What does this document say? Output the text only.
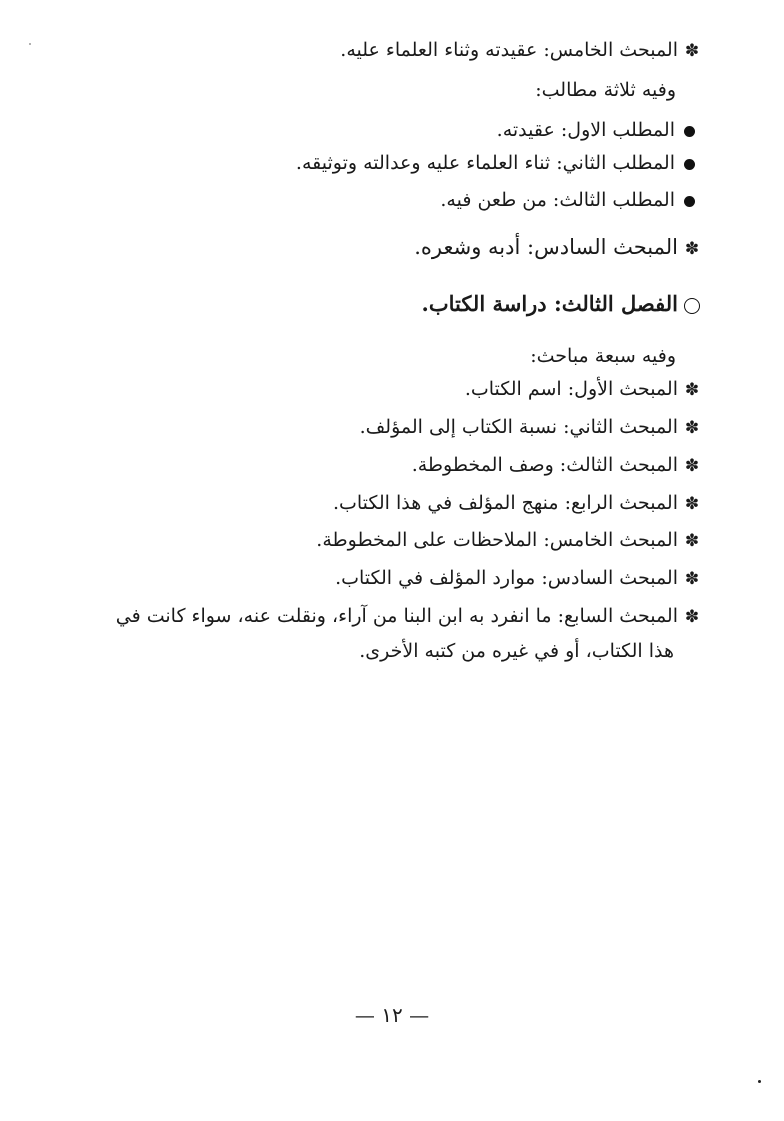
✽المبحث الخامس: عقيدته وثناء العلماء عليه.
وفيه ثلاثة مطالب:
المطلب الاول: عقيدته.
المطلب الثاني: ثناء العلماء عليه وعدالته وتوثيقه.
المطلب الثالث: من طعن فيه.
✽المبحث السادس: أدبه وشعره.
الفصل الثالث: دراسة الكتاب.
وفيه سبعة مباحث:
✽المبحث الأول: اسم الكتاب.
✽المبحث الثاني: نسبة الكتاب إلى المؤلف.
✽المبحث الثالث: وصف المخطوطة.
✽المبحث الرابع: منهج المؤلف في هذا الكتاب.
✽المبحث الخامس: الملاحظات على المخطوطة.
✽المبحث السادس: موارد المؤلف في الكتاب.
✽المبحث السابع: ما انفرد به ابن البنا من آراء، ونقلت عنه، سواء كانت في
هذا الكتاب، أو في غيره من كتبه الأخرى.
— ١٢ —
